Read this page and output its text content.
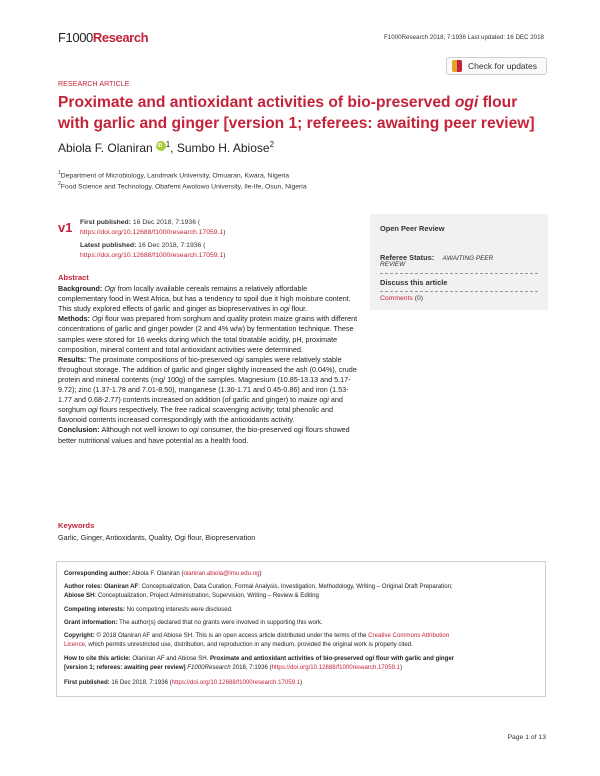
F1000Research	F1000Research 2018, 7:1936 Last updated: 16 DEC 2018
Check for updates
RESEARCH ARTICLE
Proximate and antioxidant activities of bio-preserved ogi flour with garlic and ginger [version 1; referees: awaiting peer review]
Abiola F. OlaniraniD $^1$, Sumbo H. Abiose$^2$
$^1$Department of Microbiology, Landmark University, Omuaran, Kwara, Nigeria
$^2$Food Science and Technology, Obafemi Awolowo University, Ile-Ife, Osun, Nigeria
v1 First published: 16 Dec 2018, 7:1936 (
https://doi.org/10.12688/f1000research.17059.1)
Latest published: 16 Dec 2018, 7:1936 (
https://doi.org/10.12688/f1000research.17059.1)
Open Peer Review
Referee Status: AWAITING PEER
REVIEW
Discuss this article
Comments (0)
Abstract

Background: Ogi from locally available cereals remains a relatively affordable complementary food in West Africa, but has a tendency to spoil due it high moisture content. This study explored effects of garlic and ginger as biopreservatives in ogi flour.

Methods: Ogi flour was prepared from sorghum and quality protein maize grains with different concentrations of garlic and ginger powder (2 and 4% w/w) by fermentation technique. These samples were stored for 16 weeks during which the total titratable acidity, pH, proximate composition, mineral content and total antioxidant activities were determined.

Results: The proximate compositions of bio-preserved ogi samples were relatively stable throughout storage. The addition of garlic and ginger slightly increased the ash (0.04%), crude protein and mineral contents (mg/ 100g) of the samples. Magnesium (10.85-13.13 and 5.17-9.72); zinc (1.37-1.78 and 7.01-8.50), manganese (1.30-1.71 and 0.45-0.86) and iron (1.53-1.77 and 0.68-2.77) contents increased on addition (of garlic and ginger) to maize ogi and sorghum ogi flours respectively. The free radical scavenging activity; total phenolic and flavonoid contents increased correspondingly with the antioxidants activity.

Conclusion: Although not well known to ogi consumer, the bio-preserved ogi flours showed better nutritional values and have potential as a health food.

Keywords
Garlic, Ginger, Antioxidants, Quality, Ogi flour, Biopreservation
Corresponding author: Abiola F. Olaniran (olaniran.abiola@lmu.edu.ng)
Author roles: Olaniran AF: Conceptualization, Data Curation, Formal Analysis, Investigation, Methodology, Writing – Original Draft Preparation;
Abiose SH: Conceptualization, Project Administration, Supervision, Writing – Review & Editing
Competing interests: No competing interests were disclosed.
Grant information: The author(s) declared that no grants were involved in supporting this work.
Copyright: © 2018 Olaniran AF and Abiose SH. This is an open access article distributed under the terms of the Creative Commons Attribution
Licence, which permits unrestricted use, distribution, and reproduction in any medium, provided the original work is properly cited.
How to cite this article: Olaniran AF and Abiose SH. Proximate and antioxidant activities of bio-preserved ogi flour with garlic and ginger
[version 1; referees: awaiting peer review] F1000Research 2018, 7:1936 (https://doi.org/10.12688/f1000research.17059.1)
First published: 16 Dec 2018, 7:1936 (https://doi.org/10.12688/f1000research.17059.1)
Page 1 of 13
